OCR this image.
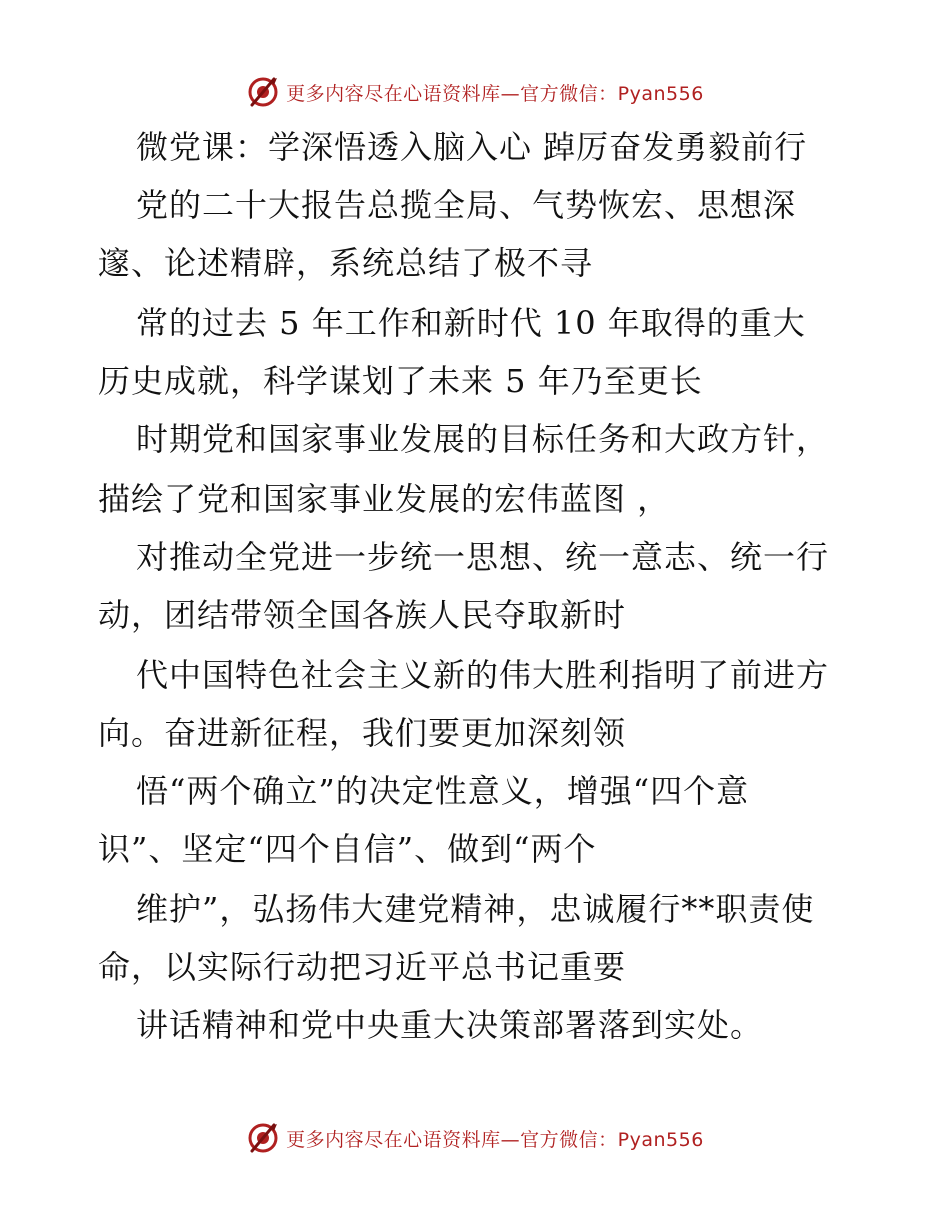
更多内容尽在心语资料库—官方微信：Pyan556
微党课：学深悟透入脑入心 踔厉奋发勇毅前行
党的二十大报告总揽全局、气势恢宏、思想深
邃、论述精辟，系统总结了极不寻
常的过去 5 年工作和新时代 10 年取得的重大
历史成就，科学谋划了未来 5 年乃至更长
时期党和国家事业发展的目标任务和大政方针，
描绘了党和国家事业发展的宏伟蓝图 ，
对推动全党进一步统一思想、统一意志、统一行
动，团结带领全国各族人民夺取新时
代中国特色社会主义新的伟大胜利指明了前进方
向。奋进新征程，我们要更加深刻领
悟“两个确立”的决定性意义，增强“四个意
识”、坚定“四个自信”、做到“两个
维护”，弘扬伟大建党精神，忠诚履行**职责使
命，以实际行动把习近平总书记重要
讲话精神和党中央重大决策部署落到实处。
更多内容尽在心语资料库—官方微信：Pyan556
